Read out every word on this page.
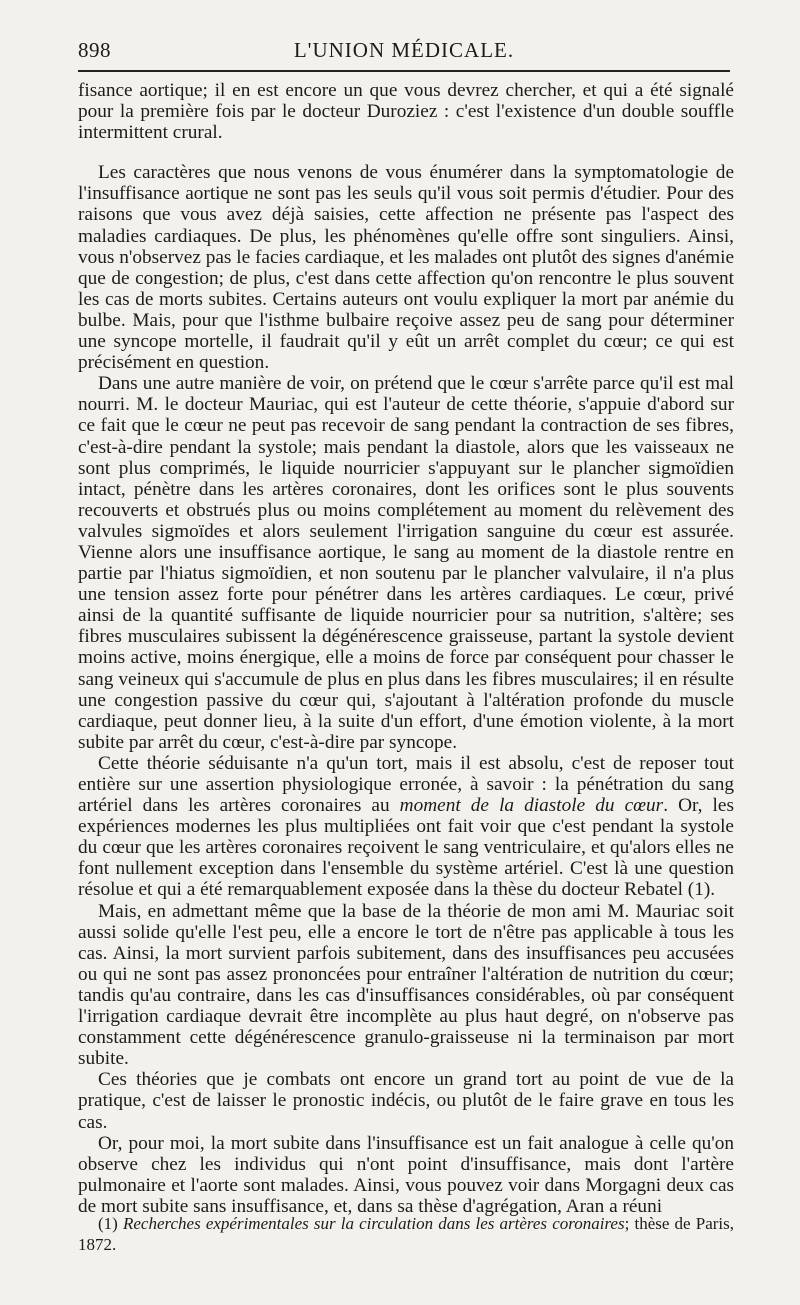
898	L'UNION MÉDICALE.

fisance aortique; il en est encore un que vous devrez chercher, et qui a été signalé pour la première fois par le docteur Duroziez : c'est l'existence d'un double souffle intermittent crural.

Les caractères que nous venons de vous énumérer dans la symptomatologie de l'insuffisance aortique ne sont pas les seuls qu'il vous soit permis d'étudier. Pour des raisons que vous avez déjà saisies, cette affection ne présente pas l'aspect des maladies cardiaques. De plus, les phénomènes qu'elle offre sont singuliers. Ainsi, vous n'observez pas le facies cardiaque, et les malades ont plutôt des signes d'anémie que de congestion; de plus, c'est dans cette affection qu'on rencontre le plus souvent les cas de morts subites. Certains auteurs ont voulu expliquer la mort par anémie du bulbe. Mais, pour que l'isthme bulbaire reçoive assez peu de sang pour déterminer une syncope mortelle, il faudrait qu'il y eût un arrêt complet du cœur; ce qui est précisément en question.

Dans une autre manière de voir, on prétend que le cœur s'arrête parce qu'il est mal nourri. M. le docteur Mauriac, qui est l'auteur de cette théorie, s'appuie d'abord sur ce fait que le cœur ne peut pas recevoir de sang pendant la contraction de ses fibres, c'est-à-dire pendant la systole; mais pendant la diastole, alors que les vaisseaux ne sont plus comprimés, le liquide nourricier s'appuyant sur le plancher sigmoïdien intact, pénètre dans les artères coronaires, dont les orifices sont le plus souvents recouverts et obstrués plus ou moins complétement au moment du relèvement des valvules sigmoïdes et alors seulement l'irrigation sanguine du cœur est assurée. Vienne alors une insuffisance aortique, le sang au moment de la diastole rentre en partie par l'hiatus sigmoïdien, et non soutenu par le plancher valvulaire, il n'a plus une tension assez forte pour pénétrer dans les artères cardiaques. Le cœur, privé ainsi de la quantité suffisante de liquide nourricier pour sa nutrition, s'altère; ses fibres musculaires subissent la dégénérescence graisseuse, partant la systole devient moins active, moins énergique, elle a moins de force par conséquent pour chasser le sang veineux qui s'accumule de plus en plus dans les fibres musculaires; il en résulte une congestion passive du cœur qui, s'ajoutant à l'altération profonde du muscle cardiaque, peut donner lieu, à la suite d'un effort, d'une émotion violente, à la mort subite par arrêt du cœur, c'est-à-dire par syncope.

Cette théorie séduisante n'a qu'un tort, mais il est absolu, c'est de reposer tout entière sur une assertion physiologique erronée, à savoir : la pénétration du sang artériel dans les artères coronaires au moment de la diastole du cœur. Or, les expériences modernes les plus multipliées ont fait voir que c'est pendant la systole du cœur que les artères coronaires reçoivent le sang ventriculaire, et qu'alors elles ne font nullement exception dans l'ensemble du système artériel. C'est là une question résolue et qui a été remarquablement exposée dans la thèse du docteur Rebatel (1).

Mais, en admettant même que la base de la théorie de mon ami M. Mauriac soit aussi solide qu'elle l'est peu, elle a encore le tort de n'être pas applicable à tous les cas. Ainsi, la mort survient parfois subitement, dans des insuffisances peu accusées ou qui ne sont pas assez prononcées pour entraîner l'altération de nutrition du cœur; tandis qu'au contraire, dans les cas d'insuffisances considérables, où par conséquent l'irrigation cardiaque devrait être incomplète au plus haut degré, on n'observe pas constamment cette dégénérescence granulo-graisseuse ni la terminaison par mort subite.

Ces théories que je combats ont encore un grand tort au point de vue de la pratique, c'est de laisser le pronostic indécis, ou plutôt de le faire grave en tous les cas.

Or, pour moi, la mort subite dans l'insuffisance est un fait analogue à celle qu'on observe chez les individus qui n'ont point d'insuffisance, mais dont l'artère pulmonaire et l'aorte sont malades. Ainsi, vous pouvez voir dans Morgagni deux cas de mort subite sans insuffisance, et, dans sa thèse d'agrégation, Aran a réuni

(1) Recherches expérimentales sur la circulation dans les artères coronaires; thèse de Paris, 1872.
